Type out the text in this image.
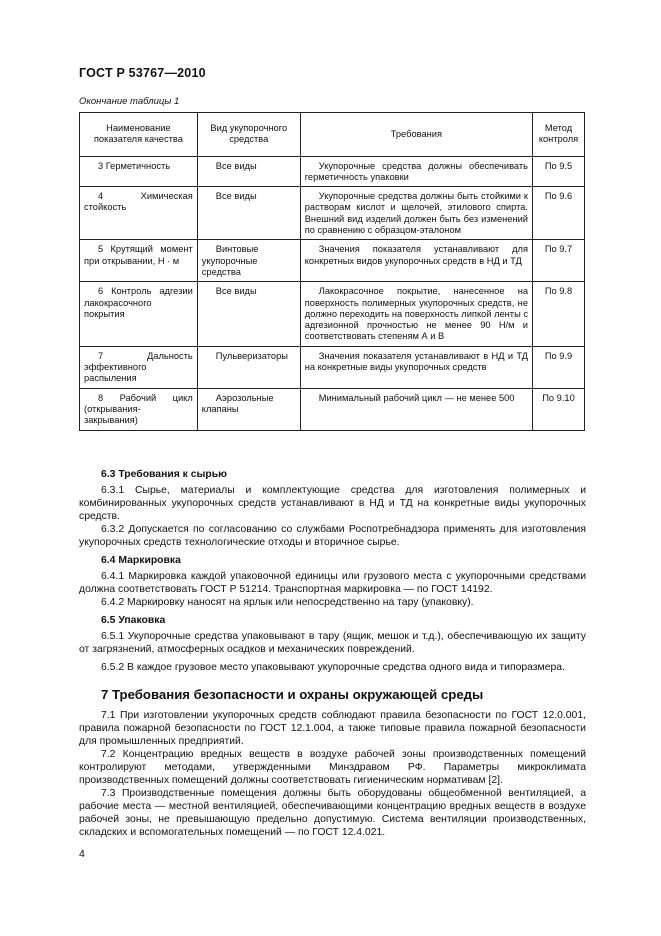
ГОСТ Р 53767—2010
Окончание таблицы 1
Наименование показателя качества	Вид укупорочного средства	Требования	Метод контроля
3 Герметичность	Все виды	Укупорочные средства должны обеспечивать герметичность упаковки	По 9.5
4 Химическая стойкость	Все виды	Укупорочные средства должны быть стойкими к растворам кислот и щелочей, этилового спирта. Внешний вид изделий должен быть без изменений по сравнению с образцом-эталоном	По 9.6
5 Крутящий момент при открывании, Н · м	Винтовые укупорочные средства	Значения показателя устанавливают для конкретных видов укупорочных средств в НД и ТД	По 9.7
6 Контроль адгезии лакокрасочного покрытия	Все виды	Лакокрасочное покрытие, нанесенное на поверхность полимерных укупорочных средств, не должно переходить на поверхность липкой ленты с адгезионной прочностью не менее 90 Н/м и соответствовать степеням А и В	По 9.8
7 Дальность эффективного распыления	Пульверизаторы	Значения показателя устанавливают в НД и ТД на конкретные виды укупорочных средств	По 9.9
8 Рабочий цикл (открывания-закрывания)	Аэрозольные клапаны	Минимальный рабочий цикл — не менее 500	По 9.10

6.3 Требования к сырью

6.3.1 Сырье, материалы и комплектующие средства для изготовления полимерных и комбинированных укупорочных средств устанавливают в НД и ТД на конкретные виды укупорочных средств.

6.3.2 Допускается по согласованию со службами Роспотребнадзора применять для изготовления укупорочных средств технологические отходы и вторичное сырье.

6.4 Маркировка

6.4.1 Маркировка каждой упаковочной единицы или грузового места с укупорочными средствами должна соответствовать ГОСТ Р 51214. Транспортная маркировка — по ГОСТ 14192.

6.4.2 Маркировку наносят на ярлык или непосредственно на тару (упаковку).

6.5 Упаковка

6.5.1 Укупорочные средства упаковывают в тару (ящик, мешок и т.д.), обеспечивающую их защиту от загрязнений, атмосферных осадков и механических повреждений.

6.5.2 В каждое грузовое место упаковывают укупорочные средства одного вида и типоразмера.

7 Требования безопасности и охраны окружающей среды

7.1 При изготовлении укупорочных средств соблюдают правила безопасности по ГОСТ 12.0.001, правила пожарной безопасности по ГОСТ 12.1.004, а также типовые правила пожарной безопасности для промышленных предприятий.

7.2 Концентрацию вредных веществ в воздухе рабочей зоны производственных помещений контролируют методами, утвержденными Минздравом РФ. Параметры микроклимата производственных помещений должны соответствовать гигиеническим нормативам [2].

7.3 Производственные помещения должны быть оборудованы общеобменной вентиляцией, а рабочие места — местной вентиляцией, обеспечивающими концентрацию вредных веществ в воздухе рабочей зоны, не превышающую предельно допустимую. Система вентиляции производственных, складских и вспомогательных помещений — по ГОСТ 12.4.021.

4
